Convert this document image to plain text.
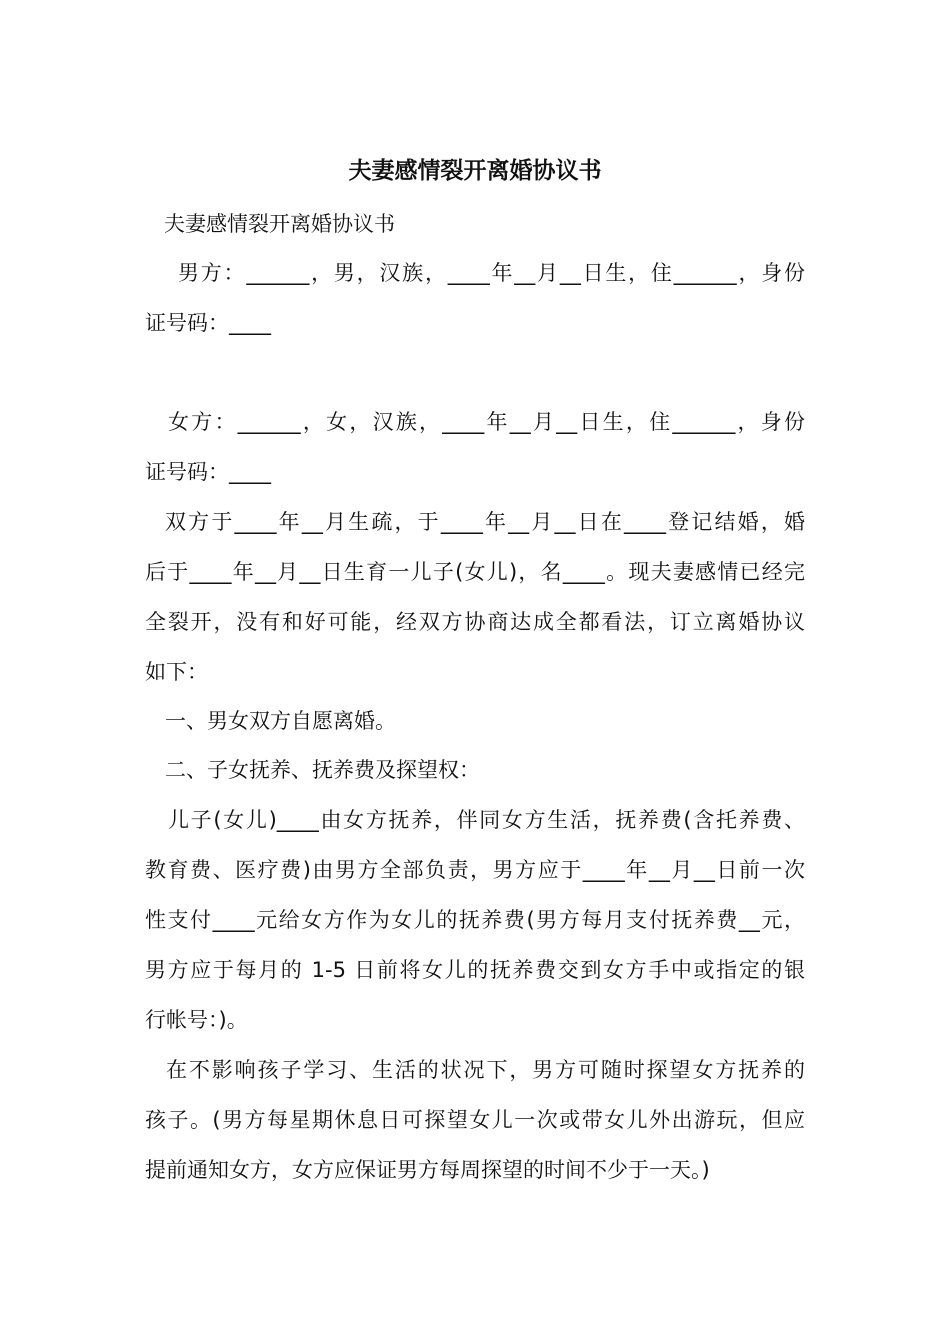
夫妻感情裂开离婚协议书

夫妻感情裂开离婚协议书

男方：______，男，汉族，____年__月__日生，住______，身份

证号码：____

女方：______，女，汉族，____年__月__日生，住______，身份

证号码：____

双方于____年__月生疏，于____年__月__日在____登记结婚，婚

后于____年__月__日生育一儿子(女儿)，名____。现夫妻感情已经完

全裂开，没有和好可能，经双方协商达成全都看法，订立离婚协议

如下：

一、男女双方自愿离婚。

二、子女抚养、抚养费及探望权：

儿子(女儿)____由女方抚养，伴同女方生活，抚养费(含托养费、

教育费、医疗费)由男方全部负责，男方应于____年__月__日前一次

性支付____元给女方作为女儿的抚养费(男方每月支付抚养费__元，

男方应于每月的 1-5 日前将女儿的抚养费交到女方手中或指定的银

行帐号：)。

在不影响孩子学习、生活的状况下，男方可随时探望女方抚养的

孩子。(男方每星期休息日可探望女儿一次或带女儿外出游玩，但应

提前通知女方，女方应保证男方每周探望的时间不少于一天。)
